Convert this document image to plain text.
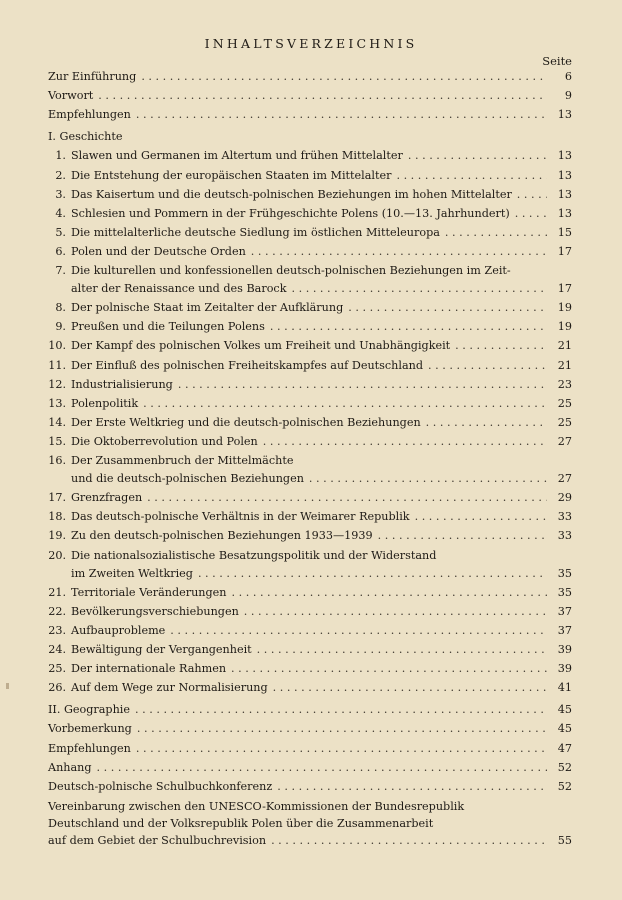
INHALTSVERZEICHNIS
Seite
Zur Einführung . . .	6
Vorwort . . .	9
Empfehlungen . . .	13
I. Geschichte
1. Slawen und Germanen im Altertum und frühen Mittelalter . . .	13
2. Die Entstehung der europäischen Staaten im Mittelalter . . .	13
3. Das Kaisertum und die deutsch-polnischen Beziehungen im hohen Mittelalter . . .	13
4. Schlesien und Pommern in der Frühgeschichte Polens (10.—13. Jahrhundert) . . .	13
5. Die mittelalterliche deutsche Siedlung im östlichen Mitteleuropa . . .	15
6. Polen und der Deutsche Orden . . .	17
7. Die kulturellen und konfessionellen deutsch-polnischen Beziehungen im Zeit-
alter der Renaissance und des Barock . . .	17
8. Der polnische Staat im Zeitalter der Aufklärung . . .	19
9. Preußen und die Teilungen Polens . . .	19
10. Der Kampf des polnischen Volkes um Freiheit und Unabhängigkeit . . .	21
11. Der Einfluß des polnischen Freiheitskampfes auf Deutschland . . .	21
12. Industrialisierung . . .	23
13. Polenpolitik . . .	25
14. Der Erste Weltkrieg und die deutsch-polnischen Beziehungen . . .	25
15. Die Oktoberrevolution und Polen . . .	27
16. Der Zusammenbruch der Mittelmächte
und die deutsch-polnischen Beziehungen . . .	27
17. Grenzfragen . . .	29
18. Das deutsch-polnische Verhältnis in der Weimarer Republik . . .	33
19. Zu den deutsch-polnischen Beziehungen 1933—1939 . . .	33
20. Die nationalsozialistische Besatzungspolitik und der Widerstand
im Zweiten Weltkrieg . . .	35
21. Territoriale Veränderungen . . .	35
22. Bevölkerungsverschiebungen . . .	37
23. Aufbauprobleme . . .	37
24. Bewältigung der Vergangenheit . . .	39
25. Der internationale Rahmen . . .	39
26. Auf dem Wege zur Normalisierung . . .	41
II. Geographie . . .	45
Vorbemerkung . . .	45
Empfehlungen . . .	47
Anhang . . .	52
Deutsch-polnische Schulbuchkonferenz . . .	52
Vereinbarung zwischen den UNESCO-Kommissionen der Bundesrepublik
Deutschland und der Volksrepublik Polen über die Zusammenarbeit
auf dem Gebiet der Schulbuchrevision . . .	55
